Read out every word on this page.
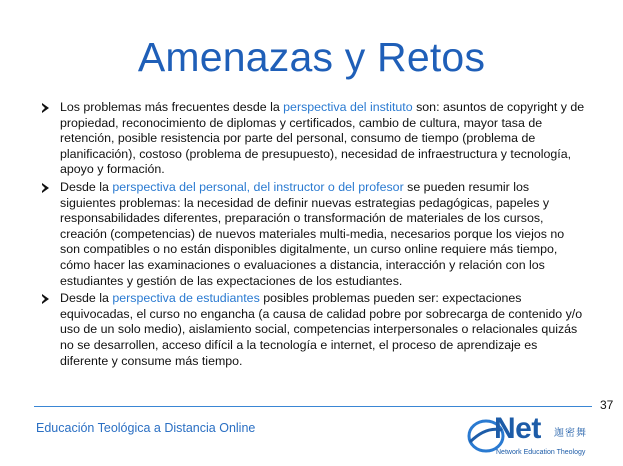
Amenazas y Retos
Los problemas más frecuentes desde la perspectiva del instituto son: asuntos de copyright y de propiedad, reconocimiento de diplomas y certificados, cambio de cultura, mayor tasa de retención, posible resistencia por parte del personal, consumo de tiempo (problema de planificación), costoso (problema de presupuesto), necesidad de infraestructura y tecnología, apoyo y formación.
Desde la perspectiva del personal, del instructor o del profesor se pueden resumir los siguientes problemas: la necesidad de definir nuevas estrategias pedagógicas, papeles y responsabilidades diferentes, preparación o transformación de materiales de los cursos, creación (competencias) de nuevos materiales multi-media, necesarios porque los viejos no son compatibles o no están disponibles digitalmente, un curso online requiere más tiempo, cómo hacer las examinaciones o evaluaciones a distancia, interacción y relación con los estudiantes y gestión de las expectaciones de los estudiantes.
Desde la perspectiva de estudiantes posibles problemas pueden ser: expectaciones equivocadas, el curso no engancha (a causa de calidad pobre por sobrecarga de contenido y/o uso de un solo medio), aislamiento social, competencias interpersonales o relacionales quizás no se desarrollen, acceso difícil a la tecnología e internet, el proceso de aprendizaje es diferente y consume más tiempo.
37
Educación Teológica a Distancia Online	Net 迦密舞
Network Education Theology
